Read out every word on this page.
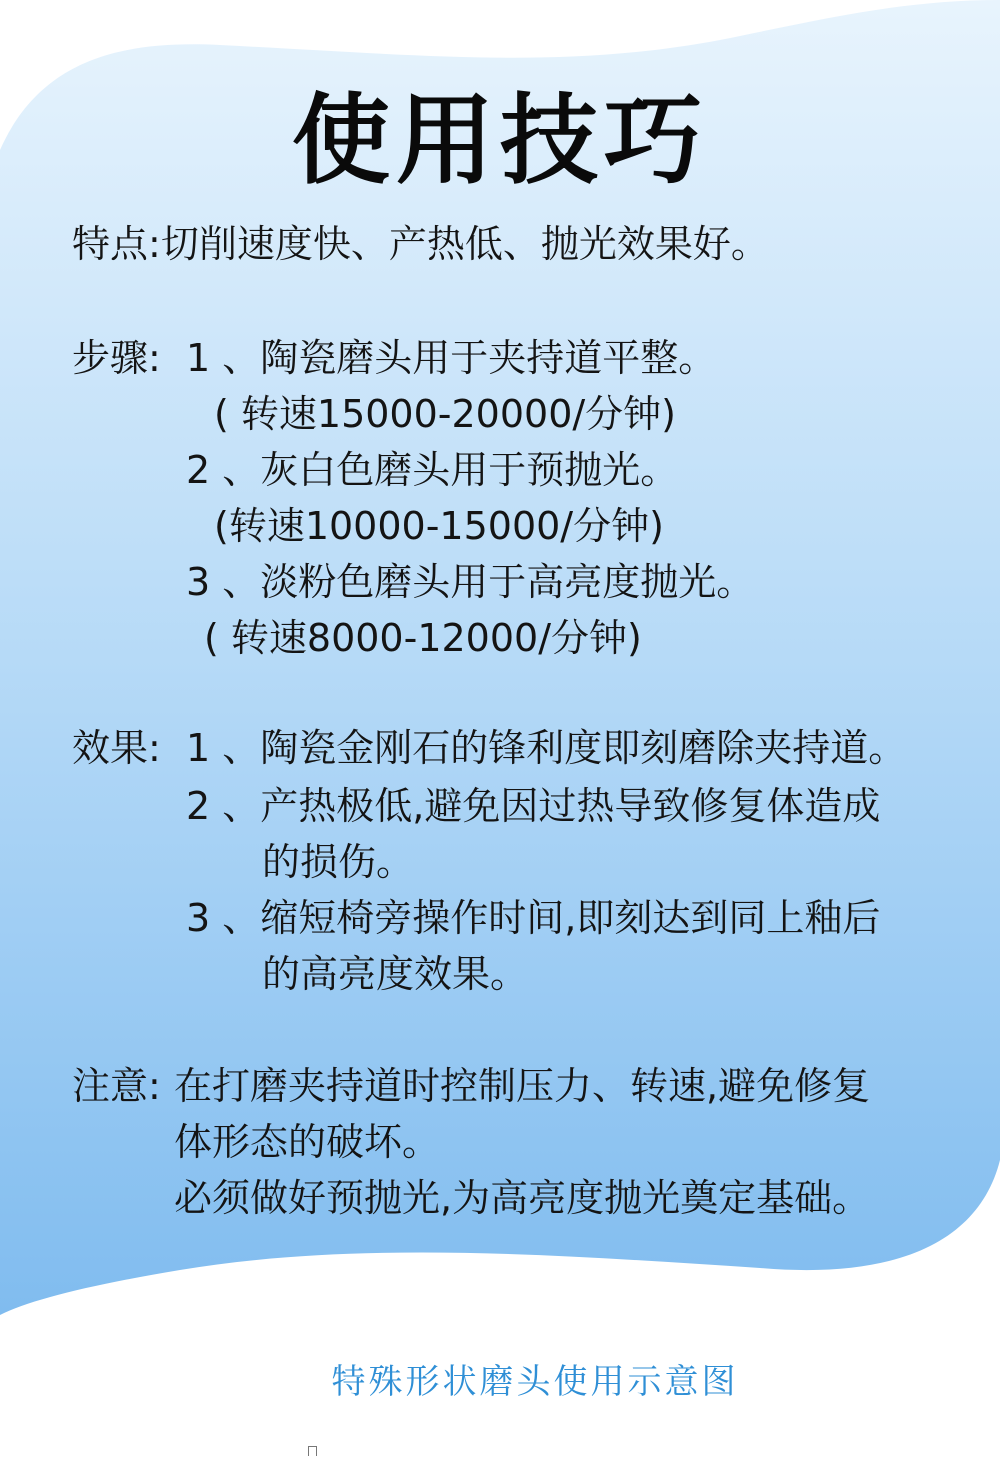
使用技巧
特点:切削速度快、产热低、抛光效果好。
步骤: 1 、陶瓷磨头用于夹持道平整。
( 转速15000-20000/分钟)
2 、灰白色磨头用于预抛光。
(转速10000-15000/分钟)
3 、淡粉色磨头用于高亮度抛光。
( 转速8000-12000/分钟)
效果: 1 、陶瓷金刚石的锋利度即刻磨除夹持道。
2 、产热极低,避免因过热导致修复体造成
的损伤。
3 、缩短椅旁操作时间,即刻达到同上釉后
的高亮度效果。
注意: 在打磨夹持道时控制压力、转速,避免修复
体形态的破坏。
必须做好预抛光,为高亮度抛光奠定基础。
特殊形状磨头使用示意图
